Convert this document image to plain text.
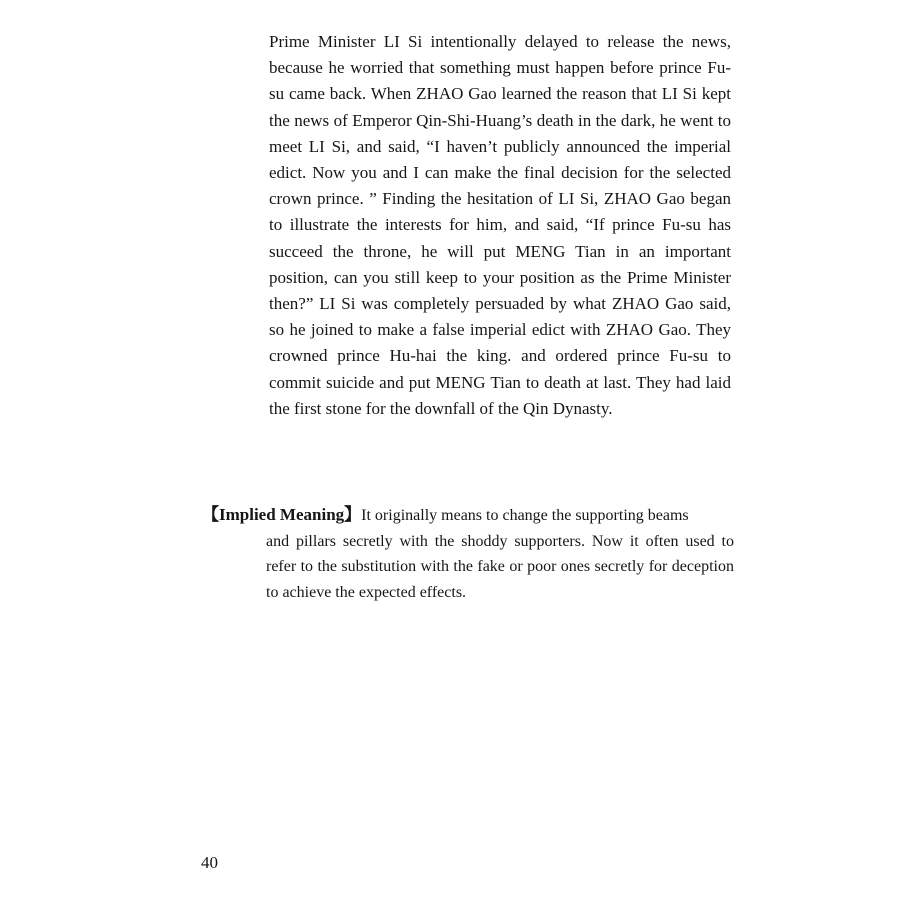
Prime Minister LI Si intentionally delayed to release the news, because he worried that something must happen before prince Fu-su came back. When ZHAO Gao learned the reason that LI Si kept the news of Emperor Qin-Shi-Huang’s death in the dark, he went to meet LI Si, and said, “I haven’t publicly announced the imperial edict. Now you and I can make the final decision for the selected crown prince. ” Finding the hesitation of LI Si, ZHAO Gao began to illustrate the interests for him, and said, “If prince Fu-su has succeed the throne, he will put MENG Tian in an important position, can you still keep to your position as the Prime Minister then?” LI Si was completely persuaded by what ZHAO Gao said, so he joined to make a false imperial edict with ZHAO Gao. They crowned prince Hu-hai the king. and ordered prince Fu-su to commit suicide and put MENG Tian to death at last. They had laid the first stone for the downfall of the Qin Dynasty.

【Implied Meaning】It originally means to change the supporting beams

and pillars secretly with the shoddy supporters. Now it often used to refer to the substitution with the fake or poor ones secretly for deception to achieve the expected effects.

40
